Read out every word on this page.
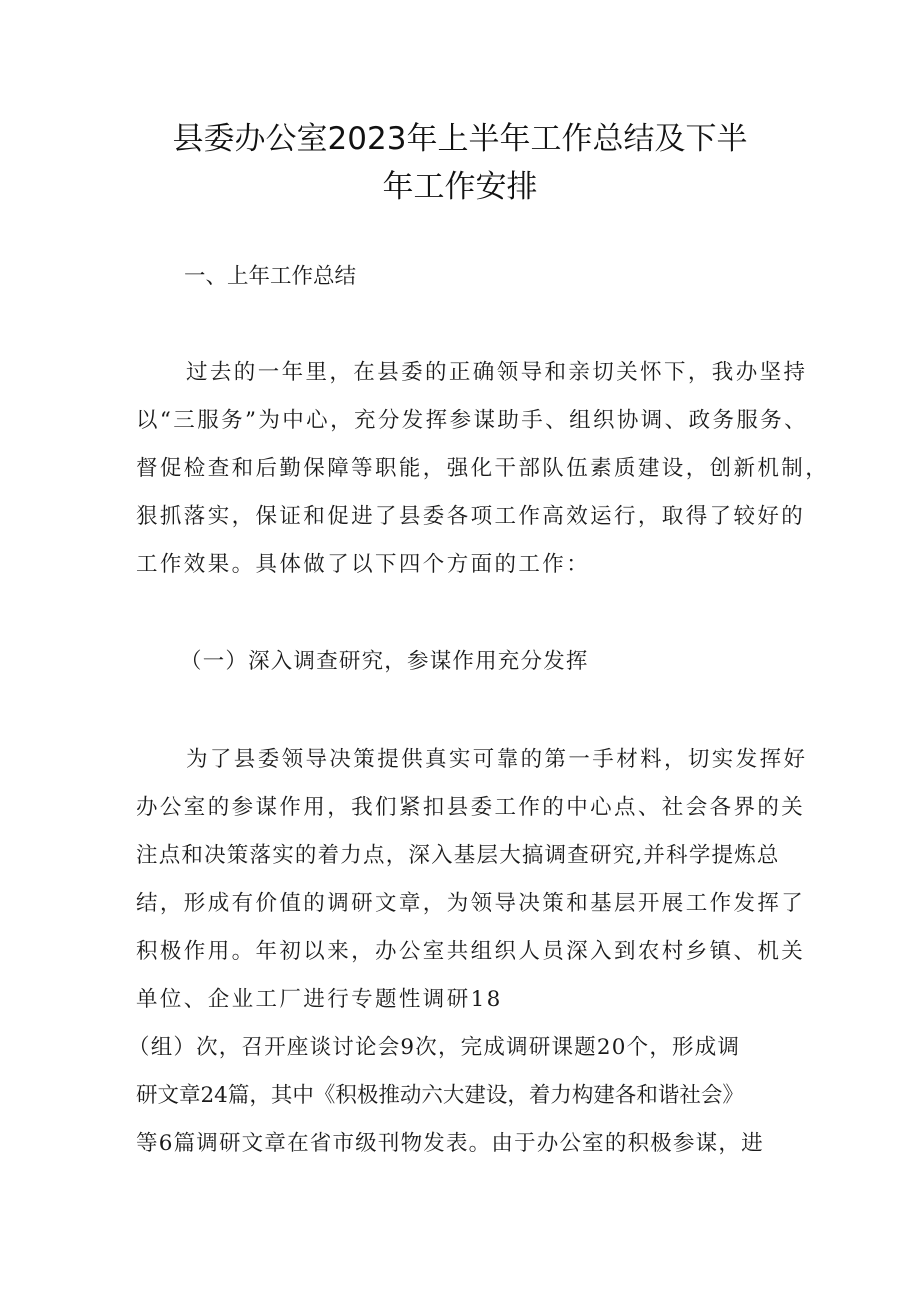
县委办公室2023年上半年工作总结及下半
年工作安排
一、上年工作总结
过去的一年里，在县委的正确领导和亲切关怀下，我办坚持
以“三服务”为中心，充分发挥参谋助手、组织协调、政务服务、
督促检查和后勤保障等职能，强化干部队伍素质建设，创新机制，
狠抓落实，保证和促进了县委各项工作高效运行，取得了较好的
工作效果。具体做了以下四个方面的工作：
（一）深入调查研究，参谋作用充分发挥
为了县委领导决策提供真实可靠的第一手材料，切实发挥好
办公室的参谋作用，我们紧扣县委工作的中心点、社会各界的关
注点和决策落实的着力点，深入基层大搞调查研究,并科学提炼总
结，形成有价值的调研文章，为领导决策和基层开展工作发挥了
积极作用。年初以来，办公室共组织人员深入到农村乡镇、机关
单位、企业工厂进行专题性调研18
（组）次，召开座谈讨论会9次，完成调研课题20个，形成调
研文章24篇，其中《积极推动六大建设，着力构建各和谐社会》
等6篇调研文章在省市级刊物发表。由于办公室的积极参谋，进
